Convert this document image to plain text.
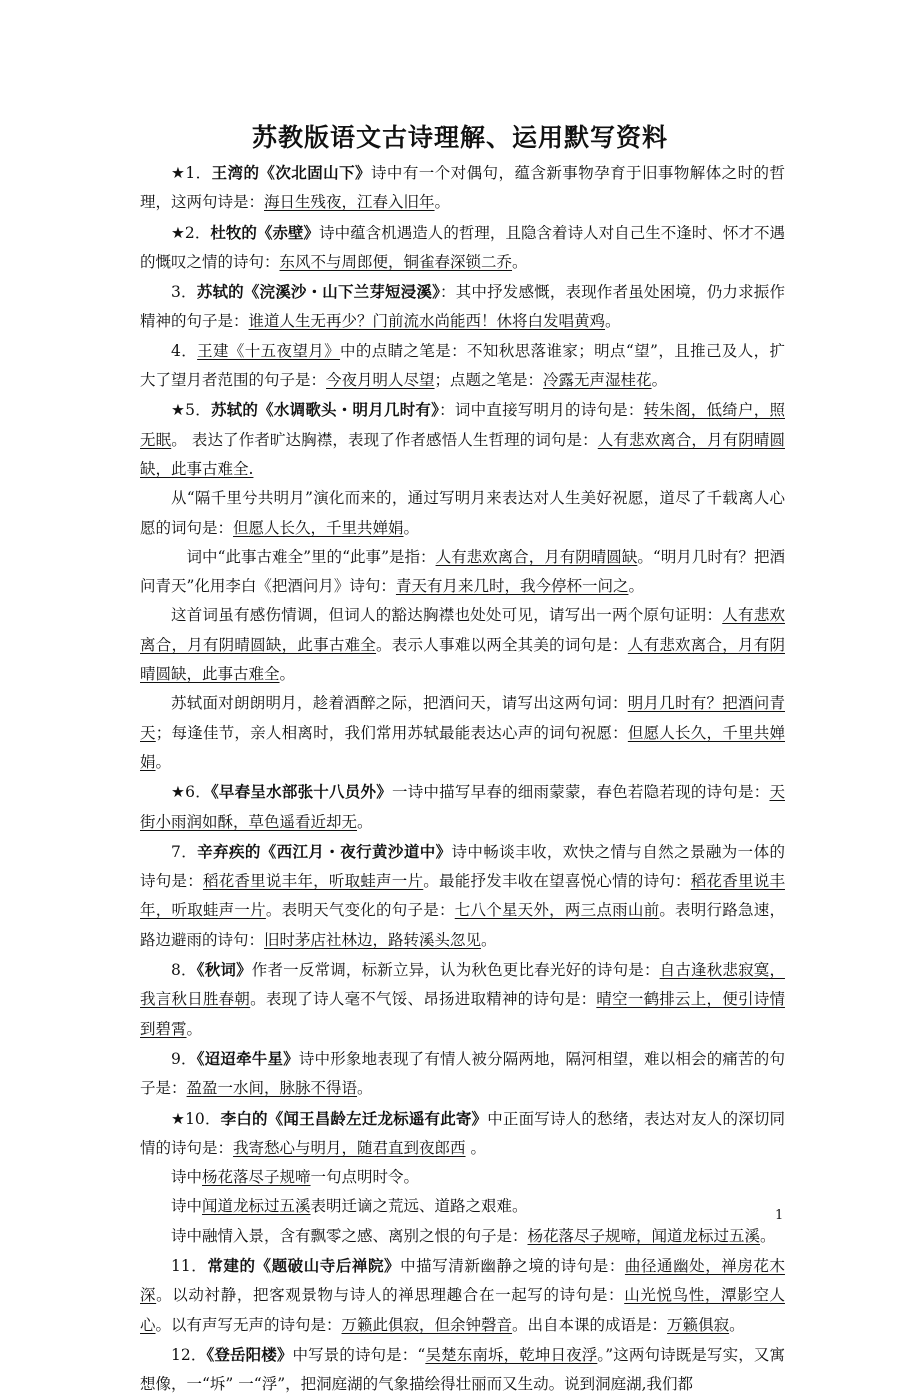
苏教版语文古诗理解、运用默写资料

★1．王湾的《次北固山下》诗中有一个对偶句，蕴含新事物孕育于旧事物解体之时的哲理，这两句诗是：海日生残夜，江春入旧年。

★2．杜牧的《赤壁》诗中蕴含机遇造人的哲理，且隐含着诗人对自己生不逢时、怀才不遇的慨叹之情的诗句：东风不与周郎便，铜雀春深锁二乔。

3．苏轼的《浣溪沙・山下兰芽短浸溪》：其中抒发感慨，表现作者虽处困境，仍力求振作精神的句子是：谁道人生无再少？门前流水尚能西！休将白发唱黄鸡。

4．王建《十五夜望月》中的点睛之笔是：不知秋思落谁家；明点“望”，且推己及人，扩大了望月者范围的句子是：今夜月明人尽望；点题之笔是：冷露无声湿桂花。

★5．苏轼的《水调歌头・明月几时有》：词中直接写明月的诗句是：转朱阁，低绮户，照无眠。 表达了作者旷达胸襟，表现了作者感悟人生哲理的词句是：人有悲欢离合，月有阴晴圆缺，此事古难全.

从“隔千里兮共明月”演化而来的，通过写明月来表达对人生美好祝愿，道尽了千载离人心愿的词句是：但愿人长久，千里共婵娟。

词中“此事古难全”里的“此事”是指：人有悲欢离合，月有阴晴圆缺。“明月几时有？把酒问青天”化用李白《把酒问月》诗句：青天有月来几时，我今停杯一问之。

这首词虽有感伤情调，但词人的豁达胸襟也处处可见，请写出一两个原句证明：人有悲欢离合，月有阴晴圆缺，此事古难全。表示人事难以两全其美的词句是：人有悲欢离合，月有阴晴圆缺，此事古难全。

苏轼面对朗朗明月，趁着酒醉之际，把酒问天，请写出这两句词：明月几时有？把酒问青天；每逢佳节，亲人相离时，我们常用苏轼最能表达心声的词句祝愿：但愿人长久，千里共婵娟。

★6．《早春呈水部张十八员外》一诗中描写早春的细雨蒙蒙，春色若隐若现的诗句是：天街小雨润如酥，草色遥看近却无。

7．辛弃疾的《西江月・夜行黄沙道中》诗中畅谈丰收，欢快之情与自然之景融为一体的诗句是：稻花香里说丰年，听取蛙声一片。最能抒发丰收在望喜悦心情的诗句：稻花香里说丰年，听取蛙声一片。表明天气变化的句子是：七八个星天外，两三点雨山前。表明行路急速，路边避雨的诗句：旧时茅店社林边，路转溪头忽见。

8．《秋词》作者一反常调，标新立异，认为秋色更比春光好的诗句是：自古逢秋悲寂寞，我言秋日胜春朝。表现了诗人毫不气馁、昂扬进取精神的诗句是：晴空一鹤排云上，便引诗情到碧霄。

9．《迢迢牵牛星》诗中形象地表现了有情人被分隔两地，隔河相望，难以相会的痛苦的句子是：盈盈一水间，脉脉不得语。

★10．李白的《闻王昌龄左迁龙标遥有此寄》中正面写诗人的愁绪，表达对友人的深切同情的诗句是：我寄愁心与明月，随君直到夜郎西 。

诗中杨花落尽子规啼一句点明时令。

诗中闻道龙标过五溪表明迁谪之荒远、道路之艰难。

诗中融情入景，含有飘零之感、离别之恨的句子是：杨花落尽子规啼，闻道龙标过五溪。

11．常建的《题破山寺后禅院》中描写清新幽静之境的诗句是：曲径通幽处，禅房花木深。以动衬静，把客观景物与诗人的禅思理趣合在一起写的诗句是：山光悦鸟性，潭影空人心。以有声写无声的诗句是：万籁此俱寂，但余钟磬音。出自本课的成语是：万籁俱寂。

12．《登岳阳楼》中写景的诗句是：“吴楚东南坼，乾坤日夜浮。”这两句诗既是写实，又寓想像，一“坼” 一“浮”，把洞庭湖的气象描绘得壮丽而又生动。说到洞庭湖,我们都

1
